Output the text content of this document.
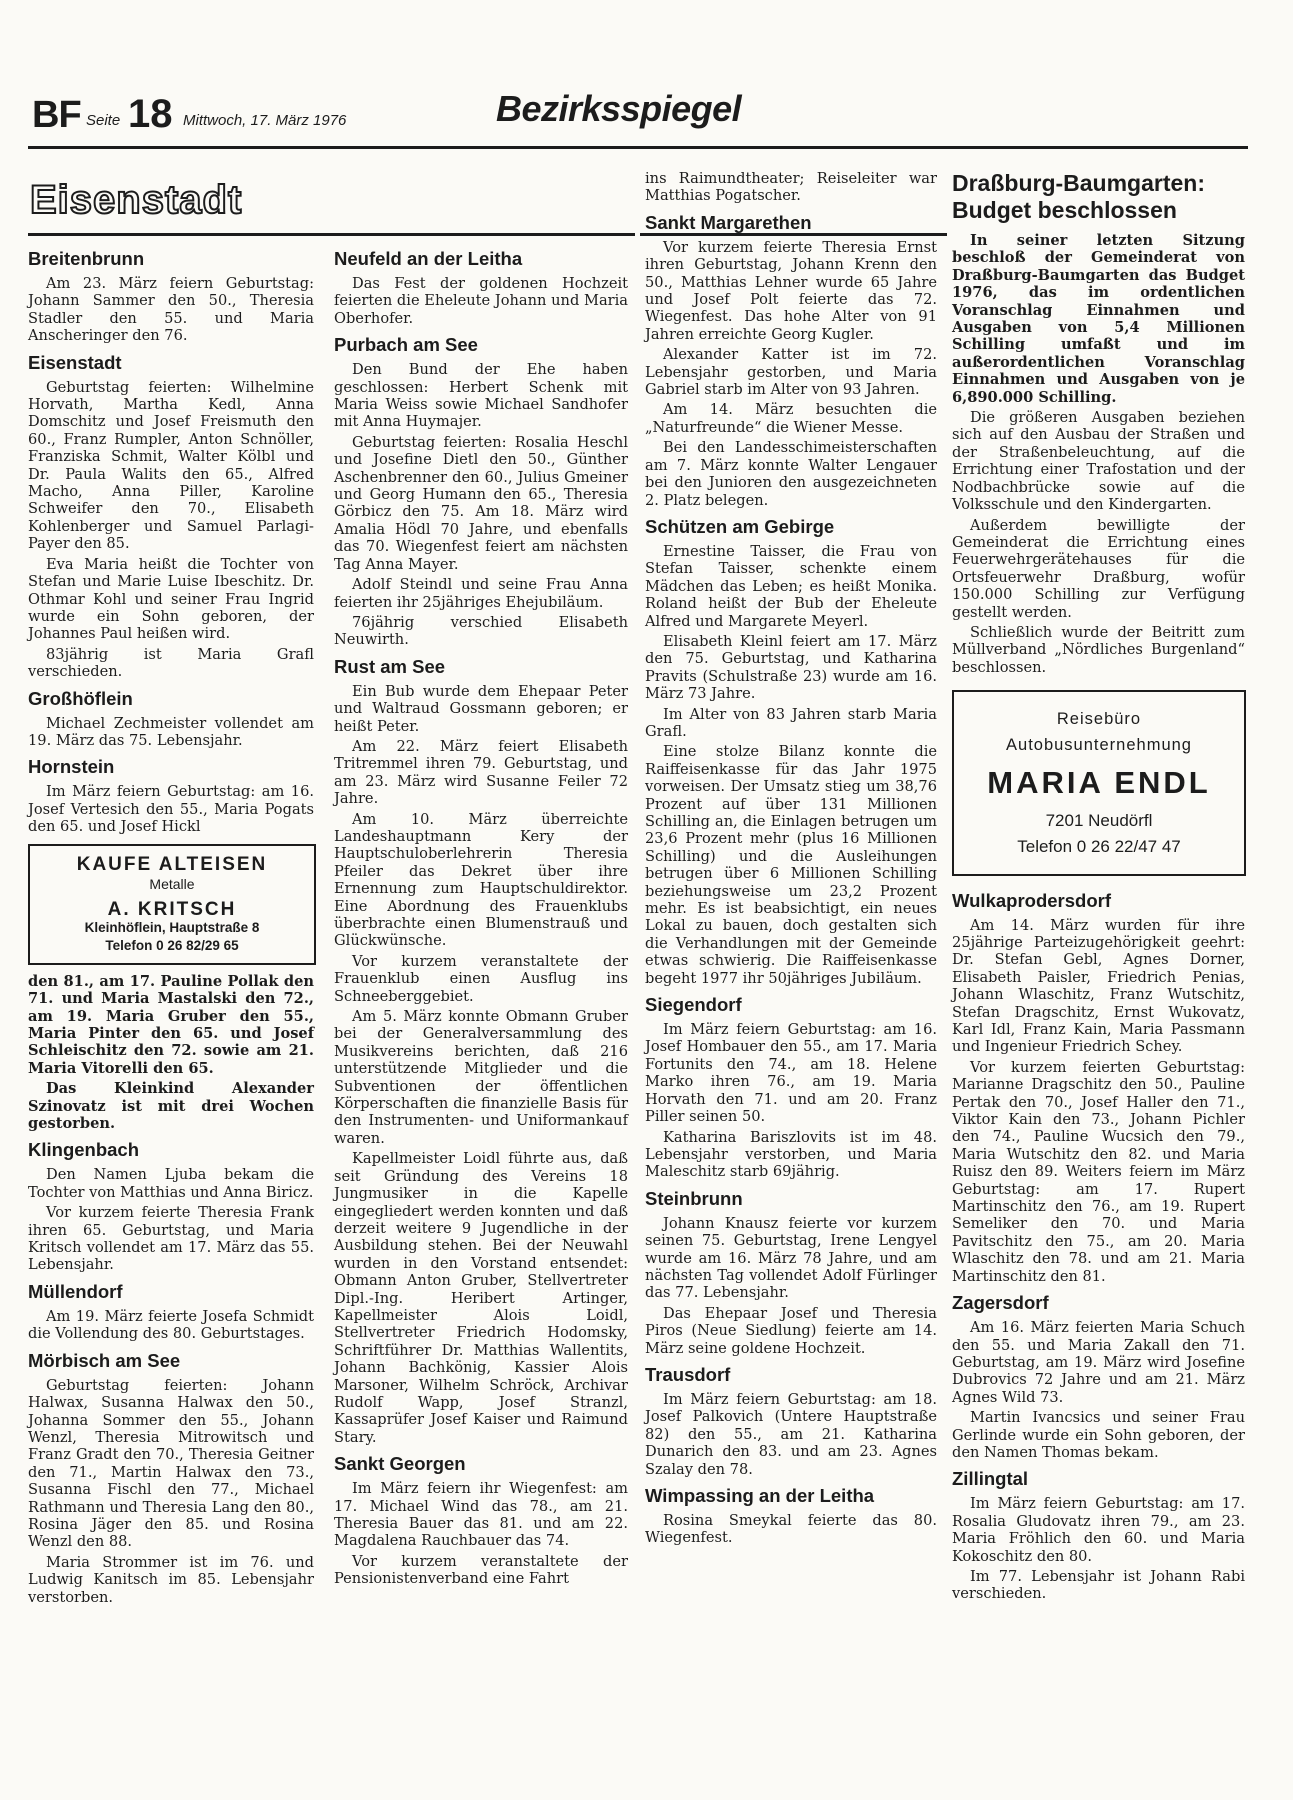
BF Seite 18 Mittwoch, 17. März 1976	Bezirksspiegel
Eisenstadt
Breitenbrunn

Am 23. März feiern Geburtstag: Johann Sammer den 50., Theresia Stadler den 55. und Maria Anscheringer den 76.

Eisenstadt

Geburtstag feierten: Wilhelmine Horvath, Martha Kedl, Anna Domschitz und Josef Freismuth den 60., Franz Rumpler, Anton Schnöller, Franziska Schmit, Walter Kölbl und Dr. Paula Walits den 65., Alfred Macho, Anna Piller, Karoline Schweifer den 70., Elisabeth Kohlenberger und Samuel Parlagi-Payer den 85.

Eva Maria heißt die Tochter von Stefan und Marie Luise Ibeschitz. Dr. Othmar Kohl und seiner Frau Ingrid wurde ein Sohn geboren, der Johannes Paul heißen wird.

83jährig ist Maria Grafl verschieden.

Großhöflein

Michael Zechmeister vollendet am 19. März das 75. Lebensjahr.

Hornstein

Im März feiern Geburtstag: am 16. Josef Vertesich den 55., Maria Pogats den 65. und Josef Hickl

KAUFE ALTEISEN
Metalle
A. KRITSCH
Kleinhöflein, Hauptstraße 8
Telefon 0 26 82/29 65

den 81., am 17. Pauline Pollak den 71. und Maria Mastalski den 72., am 19. Maria Gruber den 55., Maria Pinter den 65. und Josef Schleischitz den 72. sowie am 21. Maria Vitorelli den 65.

Das Kleinkind Alexander Szinovatz ist mit drei Wochen gestorben.

Klingenbach

Den Namen Ljuba bekam die Tochter von Matthias und Anna Biricz.

Vor kurzem feierte Theresia Frank ihren 65. Geburtstag, und Maria Kritsch vollendet am 17. März das 55. Lebensjahr.

Müllendorf

Am 19. März feierte Josefa Schmidt die Vollendung des 80. Geburtstages.

Mörbisch am See

Geburtstag feierten: Johann Halwax, Susanna Halwax den 50., Johanna Sommer den 55., Johann Wenzl, Theresia Mitrowitsch und Franz Gradt den 70., Theresia Geitner den 71., Martin Halwax den 73., Susanna Fischl den 77., Michael Rathmann und Theresia Lang den 80., Rosina Jäger den 85. und Rosina Wenzl den 88.

Maria Strommer ist im 76. und Ludwig Kanitsch im 85. Lebensjahr verstorben.

Neufeld an der Leitha

Das Fest der goldenen Hochzeit feierten die Eheleute Johann und Maria Oberhofer.

Purbach am See

Den Bund der Ehe haben geschlossen: Herbert Schenk mit Maria Weiss sowie Michael Sandhofer mit Anna Huymajer.

Geburtstag feierten: Rosalia Heschl und Josefine Dietl den 50., Günther Aschenbrenner den 60., Julius Gmeiner und Georg Humann den 65., Theresia Görbicz den 75. Am 18. März wird Amalia Hödl 70 Jahre, und ebenfalls das 70. Wiegenfest feiert am nächsten Tag Anna Mayer.

Adolf Steindl und seine Frau Anna feierten ihr 25jähriges Ehejubiläum.

76jährig verschied Elisabeth Neuwirth.

Rust am See

Ein Bub wurde dem Ehepaar Peter und Waltraud Gossmann geboren; er heißt Peter.

Am 22. März feiert Elisabeth Tritremmel ihren 79. Geburtstag, und am 23. März wird Susanne Feiler 72 Jahre.

Am 10. März überreichte Landeshauptmann Kery der Hauptschuloberlehrerin Theresia Pfeiler das Dekret über ihre Ernennung zum Hauptschuldirektor. Eine Abordnung des Frauenklubs überbrachte einen Blumenstrauß und Glückwünsche.

Vor kurzem veranstaltete der Frauenklub einen Ausflug ins Schneeberggebiet.

Am 5. März konnte Obmann Gruber bei der Generalversammlung des Musikvereins berichten, daß 216 unterstützende Mitglieder und die Subventionen der öffentlichen Körperschaften die finanzielle Basis für den Instrumenten- und Uniformankauf waren.

Kapellmeister Loidl führte aus, daß seit Gründung des Vereins 18 Jungmusiker in die Kapelle eingegliedert werden konnten und daß derzeit weitere 9 Jugendliche in der Ausbildung stehen. Bei der Neuwahl wurden in den Vorstand entsendet: Obmann Anton Gruber, Stellvertreter Dipl.-Ing. Heribert Artinger, Kapellmeister Alois Loidl, Stellvertreter Friedrich Hodomsky, Schriftführer Dr. Matthias Wallentits, Johann Bachkönig, Kassier Alois Marsoner, Wilhelm Schröck, Archivar Rudolf Wapp, Josef Stranzl, Kassaprüfer Josef Kaiser und Raimund Stary.

Sankt Georgen

Im März feiern ihr Wiegenfest: am 17. Michael Wind das 78., am 21. Theresia Bauer das 81. und am 22. Magdalena Rauchbauer das 74.

Vor kurzem veranstaltete der Pensionistenverband eine Fahrt

ins Raimundtheater; Reiseleiter war Matthias Pogatscher.

Sankt Margarethen

Vor kurzem feierte Theresia Ernst ihren Geburtstag, Johann Krenn den 50., Matthias Lehner wurde 65 Jahre und Josef Polt feierte das 72. Wiegenfest. Das hohe Alter von 91 Jahren erreichte Georg Kugler.

Alexander Katter ist im 72. Lebensjahr gestorben, und Maria Gabriel starb im Alter von 93 Jahren.

Am 14. März besuchten die „Naturfreunde“ die Wiener Messe.

Bei den Landesschimeisterschaften am 7. März konnte Walter Lengauer bei den Junioren den ausgezeichneten 2. Platz belegen.

Schützen am Gebirge

Ernestine Taisser, die Frau von Stefan Taisser, schenkte einem Mädchen das Leben; es heißt Monika. Roland heißt der Bub der Eheleute Alfred und Margarete Meyerl.

Elisabeth Kleinl feiert am 17. März den 75. Geburtstag, und Katharina Pravits (Schulstraße 23) wurde am 16. März 73 Jahre.

Im Alter von 83 Jahren starb Maria Grafl.

Eine stolze Bilanz konnte die Raiffeisenkasse für das Jahr 1975 vorweisen. Der Umsatz stieg um 38,76 Prozent auf über 131 Millionen Schilling an, die Einlagen betrugen um 23,6 Prozent mehr (plus 16 Millionen Schilling) und die Ausleihungen betrugen über 6 Millionen Schilling beziehungsweise um 23,2 Prozent mehr. Es ist beabsichtigt, ein neues Lokal zu bauen, doch gestalten sich die Verhandlungen mit der Gemeinde etwas schwierig. Die Raiffeisenkasse begeht 1977 ihr 50jähriges Jubiläum.

Siegendorf

Im März feiern Geburtstag: am 16. Josef Hombauer den 55., am 17. Maria Fortunits den 74., am 18. Helene Marko ihren 76., am 19. Maria Horvath den 71. und am 20. Franz Piller seinen 50.

Katharina Bariszlovits ist im 48. Lebensjahr verstorben, und Maria Maleschitz starb 69jährig.

Steinbrunn

Johann Knausz feierte vor kurzem seinen 75. Geburtstag, Irene Lengyel wurde am 16. März 78 Jahre, und am nächsten Tag vollendet Adolf Fürlinger das 77. Lebensjahr.

Das Ehepaar Josef und Theresia Piros (Neue Siedlung) feierte am 14. März seine goldene Hochzeit.

Trausdorf

Im März feiern Geburtstag: am 18. Josef Palkovich (Untere Hauptstraße 82) den 55., am 21. Katharina Dunarich den 83. und am 23. Agnes Szalay den 78.

Wimpassing an der Leitha

Rosina Smeykal feierte das 80. Wiegenfest.

Draßburg-Baumgarten: Budget beschlossen

In seiner letzten Sitzung beschloß der Gemeinderat von Draßburg-Baumgarten das Budget 1976, das im ordentlichen Voranschlag Einnahmen und Ausgaben von 5,4 Millionen Schilling umfaßt und im außerordentlichen Voranschlag Einnahmen und Ausgaben von je 6,890.000 Schilling.

Die größeren Ausgaben beziehen sich auf den Ausbau der Straßen und der Straßenbeleuchtung, auf die Errichtung einer Trafostation und der Nodbachbrücke sowie auf die Volksschule und den Kindergarten.

Außerdem bewilligte der Gemeinderat die Errichtung eines Feuerwehrgerätehauses für die Ortsfeuerwehr Draßburg, wofür 150.000 Schilling zur Verfügung gestellt werden.

Schließlich wurde der Beitritt zum Müllverband „Nördliches Burgenland“ beschlossen.

Reisebüro
Autobusunternehmung
MARIA ENDL
7201 Neudörfl
Telefon 0 26 22/47 47
Wulkaprodersdorf

Am 14. März wurden für ihre 25jährige Parteizugehörigkeit geehrt: Dr. Stefan Gebl, Agnes Dorner, Elisabeth Paisler, Friedrich Penias, Johann Wlaschitz, Franz Wutschitz, Stefan Dragschitz, Ernst Wukovatz, Karl Idl, Franz Kain, Maria Passmann und Ingenieur Friedrich Schey.

Vor kurzem feierten Geburtstag: Marianne Dragschitz den 50., Pauline Pertak den 70., Josef Haller den 71., Viktor Kain den 73., Johann Pichler den 74., Pauline Wucsich den 79., Maria Wutschitz den 82. und Maria Ruisz den 89. Weiters feiern im März Geburtstag: am 17. Rupert Martinschitz den 76., am 19. Rupert Semeliker den 70. und Maria Pavitschitz den 75., am 20. Maria Wlaschitz den 78. und am 21. Maria Martinschitz den 81.

Zagersdorf

Am 16. März feierten Maria Schuch den 55. und Maria Zakall den 71. Geburtstag, am 19. März wird Josefine Dubrovics 72 Jahre und am 21. März Agnes Wild 73.

Martin Ivancsics und seiner Frau Gerlinde wurde ein Sohn geboren, der den Namen Thomas bekam.

Zillingtal

Im März feiern Geburtstag: am 17. Rosalia Gludovatz ihren 79., am 23. Maria Fröhlich den 60. und Maria Kokoschitz den 80.

Im 77. Lebensjahr ist Johann Rabi verschieden.
